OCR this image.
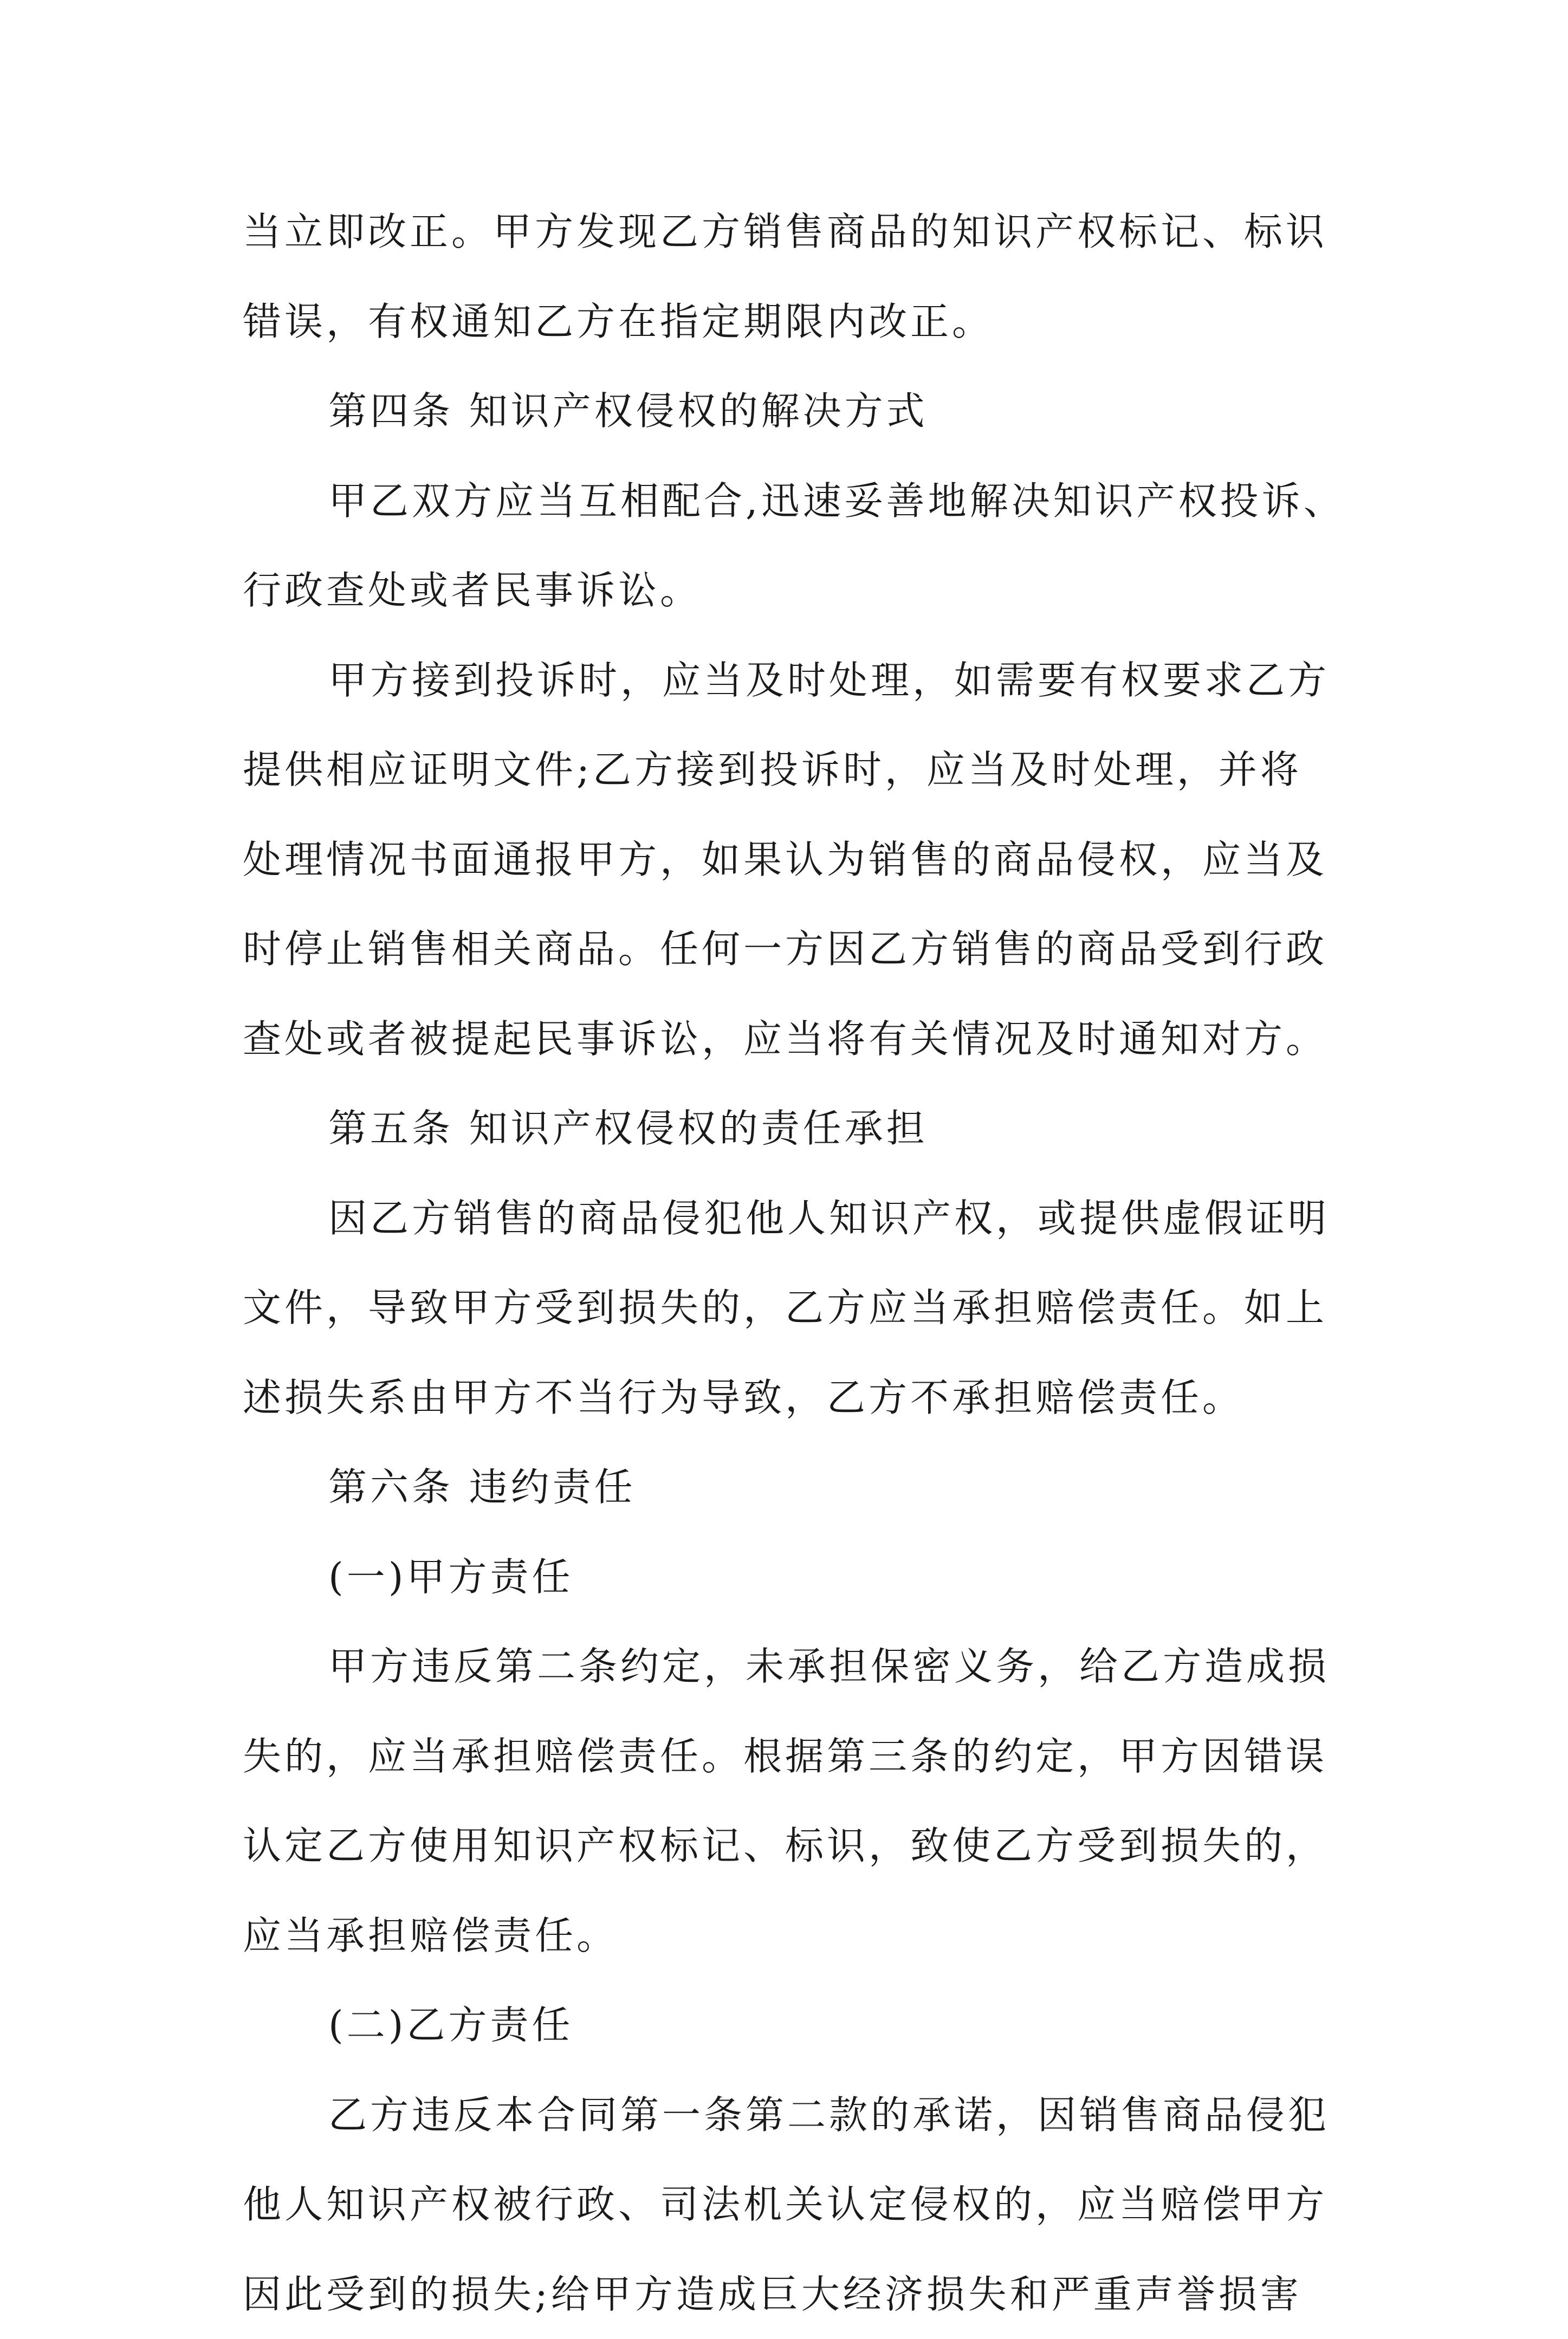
当立即改正。甲方发现乙方销售商品的知识产权标记、标识
错误，有权通知乙方在指定期限内改正。
第四条 知识产权侵权的解决方式
甲乙双方应当互相配合,迅速妥善地解决知识产权投诉、
行政查处或者民事诉讼。
甲方接到投诉时，应当及时处理，如需要有权要求乙方
提供相应证明文件;乙方接到投诉时，应当及时处理，并将
处理情况书面通报甲方，如果认为销售的商品侵权，应当及
时停止销售相关商品。任何一方因乙方销售的商品受到行政
查处或者被提起民事诉讼，应当将有关情况及时通知对方。
第五条 知识产权侵权的责任承担
因乙方销售的商品侵犯他人知识产权，或提供虚假证明
文件，导致甲方受到损失的，乙方应当承担赔偿责任。如上
述损失系由甲方不当行为导致，乙方不承担赔偿责任。
第六条 违约责任
(一)甲方责任
甲方违反第二条约定，未承担保密义务，给乙方造成损
失的，应当承担赔偿责任。根据第三条的约定，甲方因错误
认定乙方使用知识产权标记、标识，致使乙方受到损失的，
应当承担赔偿责任。
(二)乙方责任
乙方违反本合同第一条第二款的承诺，因销售商品侵犯
他人知识产权被行政、司法机关认定侵权的，应当赔偿甲方
因此受到的损失;给甲方造成巨大经济损失和严重声誉损害
